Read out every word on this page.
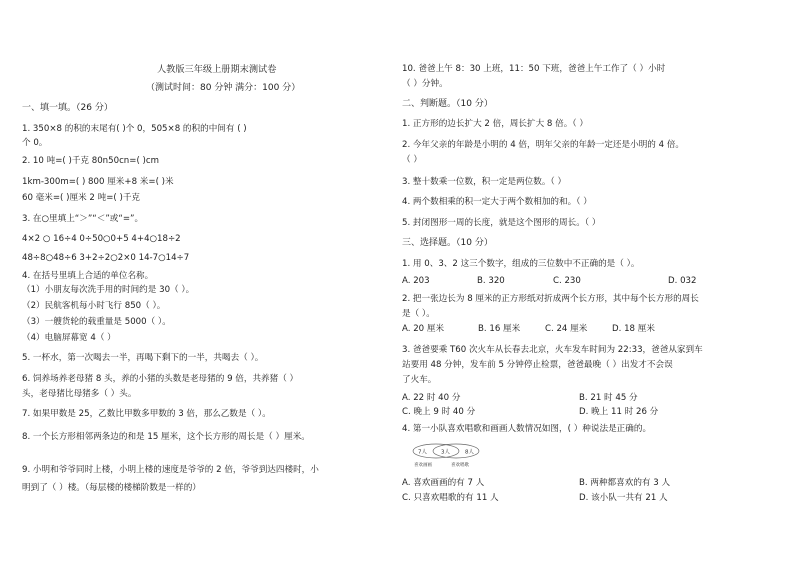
人教版三年级上册期末测试卷
（测试时间：80 分钟 满分：100 分）
一、填一填。（26 分）
1. 350×8 的积的末尾有( )个 0，505×8 的积的中间有 ( )
个 0。
2. 10 吨=( )千克 80n50cn=( )cm
1km-300m=( ) 800 厘米+8 米=( )米
60 毫米=( )厘米 2 吨=( )千克
3. 在○里填上“＞”“＜”或“=”。
4×2 ○ 16÷4 0÷50○0+5 4+4○18÷2
48÷8○48÷6 3+2÷2○2×0 14-7○14÷7
4. 在括号里填上合适的单位名称。
（1）小朋友每次洗手用的时间约是 30（ ）。
（2）民航客机每小时飞行 850（ ）。
（3）一艘货轮的载重量是 5000（ ）。
（4）电脑屏幕宽 4（ ）
5. 一杯水，第一次喝去一半，再喝下剩下的一半，共喝去（ ）。
6. 饲养场养老母猪 8 头，养的小猪的头数是老母猪的 9 倍，共养猪（ ）
头，老母猪比母猪多（ ）头。
7. 如果甲数是 25，乙数比甲数多甲数的 3 倍，那么乙数是（ ）。
8. 一个长方形相邻两条边的和是 15 厘米，这个长方形的周长是（ ）厘米。
9. 小明和爷爷同时上楼，小明上楼的速度是爷爷的 2 倍，爷爷到达四楼时，小
明到了（ ）楼。（每层楼的楼梯阶数是一样的）
10. 爸爸上午 8：30 上班，11：50 下班，爸爸上午工作了（ ）小时
（ ）分钟。
二、判断题。（10 分）
1. 正方形的边长扩大 2 倍，周长扩大 8 倍。（ ）
2. 今年父亲的年龄是小明的 4 倍，明年父亲的年龄一定还是小明的 4 倍。
（ ）
3. 整十数乘一位数，积一定是两位数。（ ）
4. 两个数相乘的积一定大于两个数相加的和。（ ）
5. 封闭图形一周的长度，就是这个图形的周长。（ ）
三、选择题。（10 分）
1. 用 0、3、2 这三个数字，组成的三位数中不正确的是（ ）。
A. 203	B. 320	C. 230	D. 032
2. 把一张边长为 8 厘米的正方形纸对折成两个长方形，其中每个长方形的周长
是（ ）。
A. 20 厘米	B. 16 厘米	C. 24 厘米	D. 18 厘米
3. 爸爸要乘 T60 次火车从长春去北京，火车发车时间为 22:33，爸爸从家到车
站要用 48 分钟，发车前 5 分钟停止检票，爸爸最晚（ ）出发才不会误
了火车。
A. 22 时 40 分	B. 21 时 45 分
C. 晚上 9 时 40 分	D. 晚上 11 时 26 分
4. 第一小队喜欢唱歌和画画人数情况如图，( ）种说法是正确的。
7人	3人	8人
喜欢画画	喜欢唱歌
A. 喜欢画画的有 7 人	B. 两种都喜欢的有 3 人
C. 只喜欢唱歌的有 11 人	D. 该小队一共有 21 人
